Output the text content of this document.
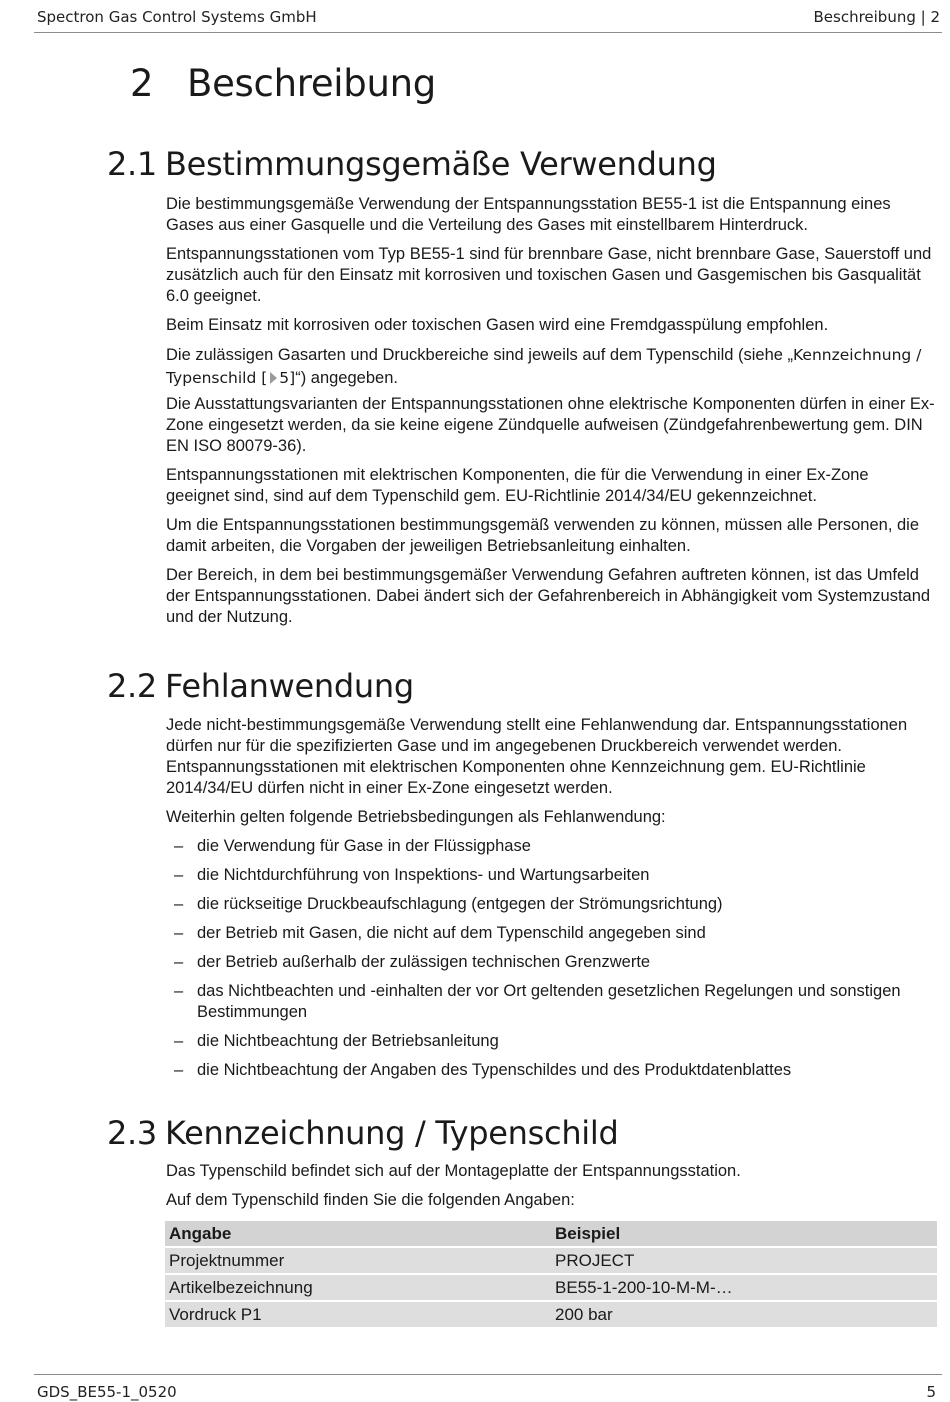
Spectron Gas Control Systems GmbH	Beschreibung | 2
2 Beschreibung
2.1 Bestimmungsgemäße Verwendung

Die bestimmungsgemäße Verwendung der Entspannungsstation BE55-1 ist die Entspannung eines Gases aus einer Gasquelle und die Verteilung des Gases mit einstellbarem Hinterdruck.

Entspannungsstationen vom Typ BE55-1 sind für brennbare Gase, nicht brennbare Gase, Sauerstoff und zusätzlich auch für den Einsatz mit korrosiven und toxischen Gasen und Gasgemischen bis Gasqualität 6.0 geeignet.

Beim Einsatz mit korrosiven oder toxischen Gasen wird eine Fremdgasspülung empfohlen.

Die zulässigen Gasarten und Druckbereiche sind jeweils auf dem Typenschild (siehe „Kennzeichnung / Typenschild [ 5]“) angegeben.

Die Ausstattungsvarianten der Entspannungsstationen ohne elektrische Komponenten dürfen in einer Ex-Zone eingesetzt werden, da sie keine eigene Zündquelle aufweisen (Zündgefahrenbewertung gem. DIN EN ISO 80079-36).

Entspannungsstationen mit elektrischen Komponenten, die für die Verwendung in einer Ex-Zone geeignet sind, sind auf dem Typenschild gem. EU-Richtlinie 2014/34/EU gekennzeichnet.

Um die Entspannungsstationen bestimmungsgemäß verwenden zu können, müssen alle Personen, die damit arbeiten, die Vorgaben der jeweiligen Betriebsanleitung einhalten.

Der Bereich, in dem bei bestimmungsgemäßer Verwendung Gefahren auftreten können, ist das Umfeld der Entspannungsstationen. Dabei ändert sich der Gefahrenbereich in Abhängigkeit vom Systemzustand und der Nutzung.

2.2 Fehlanwendung

Jede nicht-bestimmungsgemäße Verwendung stellt eine Fehlanwendung dar. Entspannungsstationen dürfen nur für die spezifizierten Gase und im angegebenen Druckbereich verwendet werden. Entspannungsstationen mit elektrischen Komponenten ohne Kennzeichnung gem. EU-Richtlinie 2014/34/EU dürfen nicht in einer Ex-Zone eingesetzt werden.

Weiterhin gelten folgende Betriebsbedingungen als Fehlanwendung:

– die Verwendung für Gase in der Flüssigphase
– die Nichtdurchführung von Inspektions- und Wartungsarbeiten
– die rückseitige Druckbeaufschlagung (entgegen der Strömungsrichtung)
– der Betrieb mit Gasen, die nicht auf dem Typenschild angegeben sind
– der Betrieb außerhalb der zulässigen technischen Grenzwerte
– das Nichtbeachten und -einhalten der vor Ort geltenden gesetzlichen Regelungen und sonstigen Bestimmungen
– die Nichtbeachtung der Betriebsanleitung
– die Nichtbeachtung der Angaben des Typenschildes und des Produktdatenblattes
2.3 Kennzeichnung / Typenschild

Das Typenschild befindet sich auf der Montageplatte der Entspannungsstation.

Auf dem Typenschild finden Sie die folgenden Angaben:

Angabe	Beispiel
Projektnummer	PROJECT
Artikelbezeichnung	BE55-1-200-10-M-M-…
Vordruck P1	200 bar
GDS_BE55-1_0520	5
